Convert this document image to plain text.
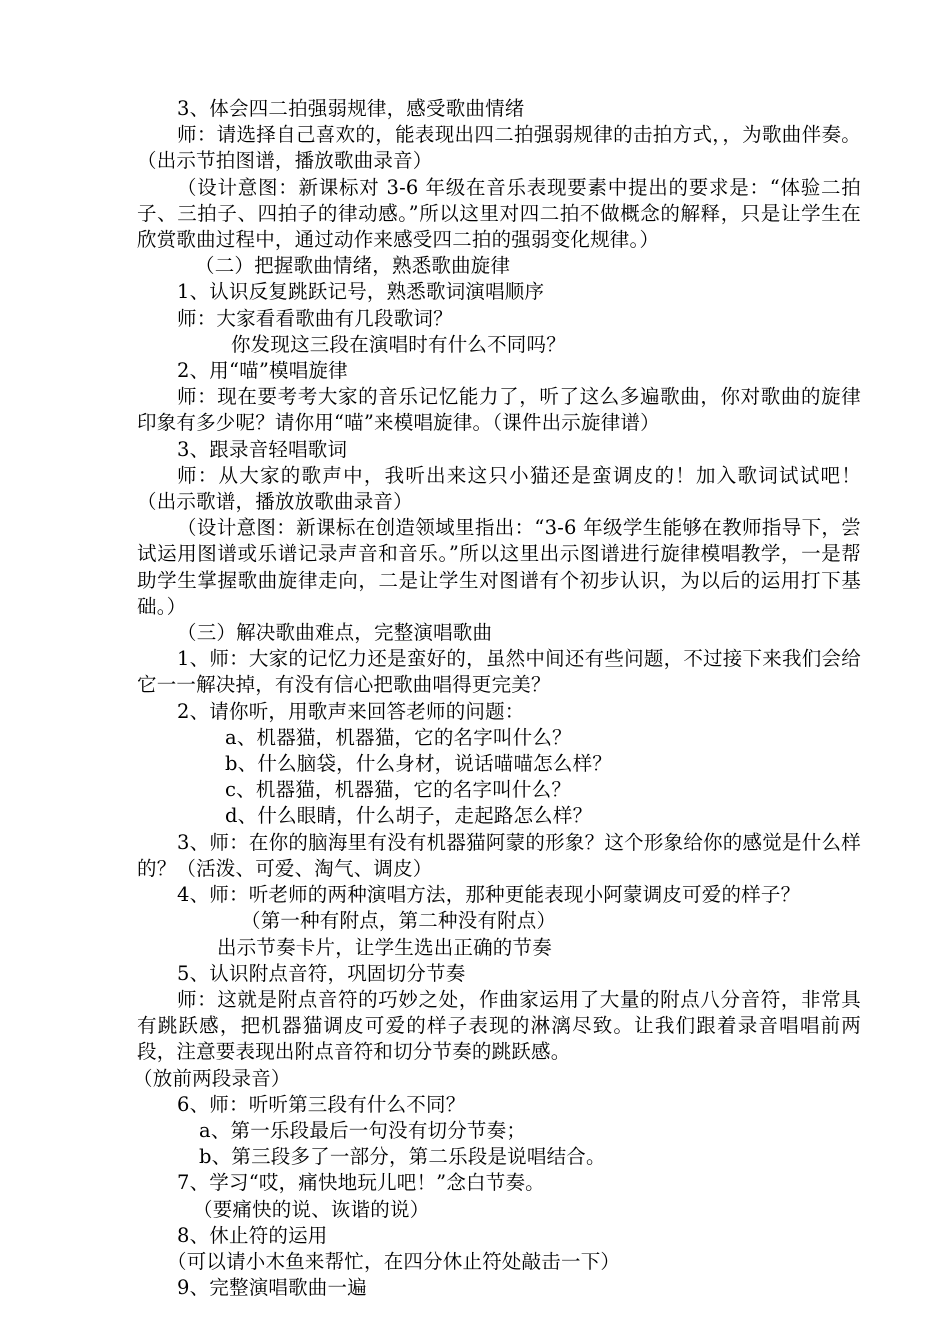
3、体会四二拍强弱规律，感受歌曲情绪

师：请选择自己喜欢的，能表现出四二拍强弱规律的击拍方式，，为歌曲伴奏。（出示节拍图谱，播放歌曲录音）

（设计意图：新课标对 3-6 年级在音乐表现要素中提出的要求是：“体验二拍子、三拍子、四拍子的律动感。”所以这里对四二拍不做概念的解释，只是让学生在欣赏歌曲过程中，通过动作来感受四二拍的强弱变化规律。）

（二）把握歌曲情绪，熟悉歌曲旋律

1、认识反复跳跃记号，熟悉歌词演唱顺序

师：大家看看歌曲有几段歌词？

你发现这三段在演唱时有什么不同吗？

2、用“喵”模唱旋律

师：现在要考考大家的音乐记忆能力了，听了这么多遍歌曲，你对歌曲的旋律印象有多少呢？请你用“喵”来模唱旋律。（课件出示旋律谱）

3、跟录音轻唱歌词

师：从大家的歌声中，我听出来这只小猫还是蛮调皮的！加入歌词试试吧！（出示歌谱，播放放歌曲录音）

（设计意图：新课标在创造领域里指出：“3-6 年级学生能够在教师指导下，尝试运用图谱或乐谱记录声音和音乐。”所以这里出示图谱进行旋律模唱教学，一是帮助学生掌握歌曲旋律走向，二是让学生对图谱有个初步认识，为以后的运用打下基础。）

（三）解决歌曲难点，完整演唱歌曲

1、师：大家的记忆力还是蛮好的，虽然中间还有些问题，不过接下来我们会给它一一解决掉，有没有信心把歌曲唱得更完美？

2、请你听，用歌声来回答老师的问题：

a、机器猫，机器猫，它的名字叫什么？

b、什么脑袋，什么身材，说话喵喵怎么样？

c、机器猫，机器猫，它的名字叫什么？

d、什么眼睛，什么胡子，走起路怎么样？

3、师：在你的脑海里有没有机器猫阿蒙的形象？这个形象给你的感觉是什么样的？（活泼、可爱、淘气、调皮）

4、师：听老师的两种演唱方法，那种更能表现小阿蒙调皮可爱的样子？

（第一种有附点，第二种没有附点）

出示节奏卡片，让学生选出正确的节奏

5、认识附点音符，巩固切分节奏

师：这就是附点音符的巧妙之处，作曲家运用了大量的附点八分音符，非常具有跳跃感，把机器猫调皮可爱的样子表现的淋漓尽致。让我们跟着录音唱唱前两段，注意要表现出附点音符和切分节奏的跳跃感。

（放前两段录音）

6、师：听听第三段有什么不同？

a、第一乐段最后一句没有切分节奏；

b、第三段多了一部分，第二乐段是说唱结合。

7、学习“哎，痛快地玩儿吧！”念白节奏。

（要痛快的说、诙谐的说）

8、休止符的运用

（可以请小木鱼来帮忙，在四分休止符处敲击一下）

9、完整演唱歌曲一遍
